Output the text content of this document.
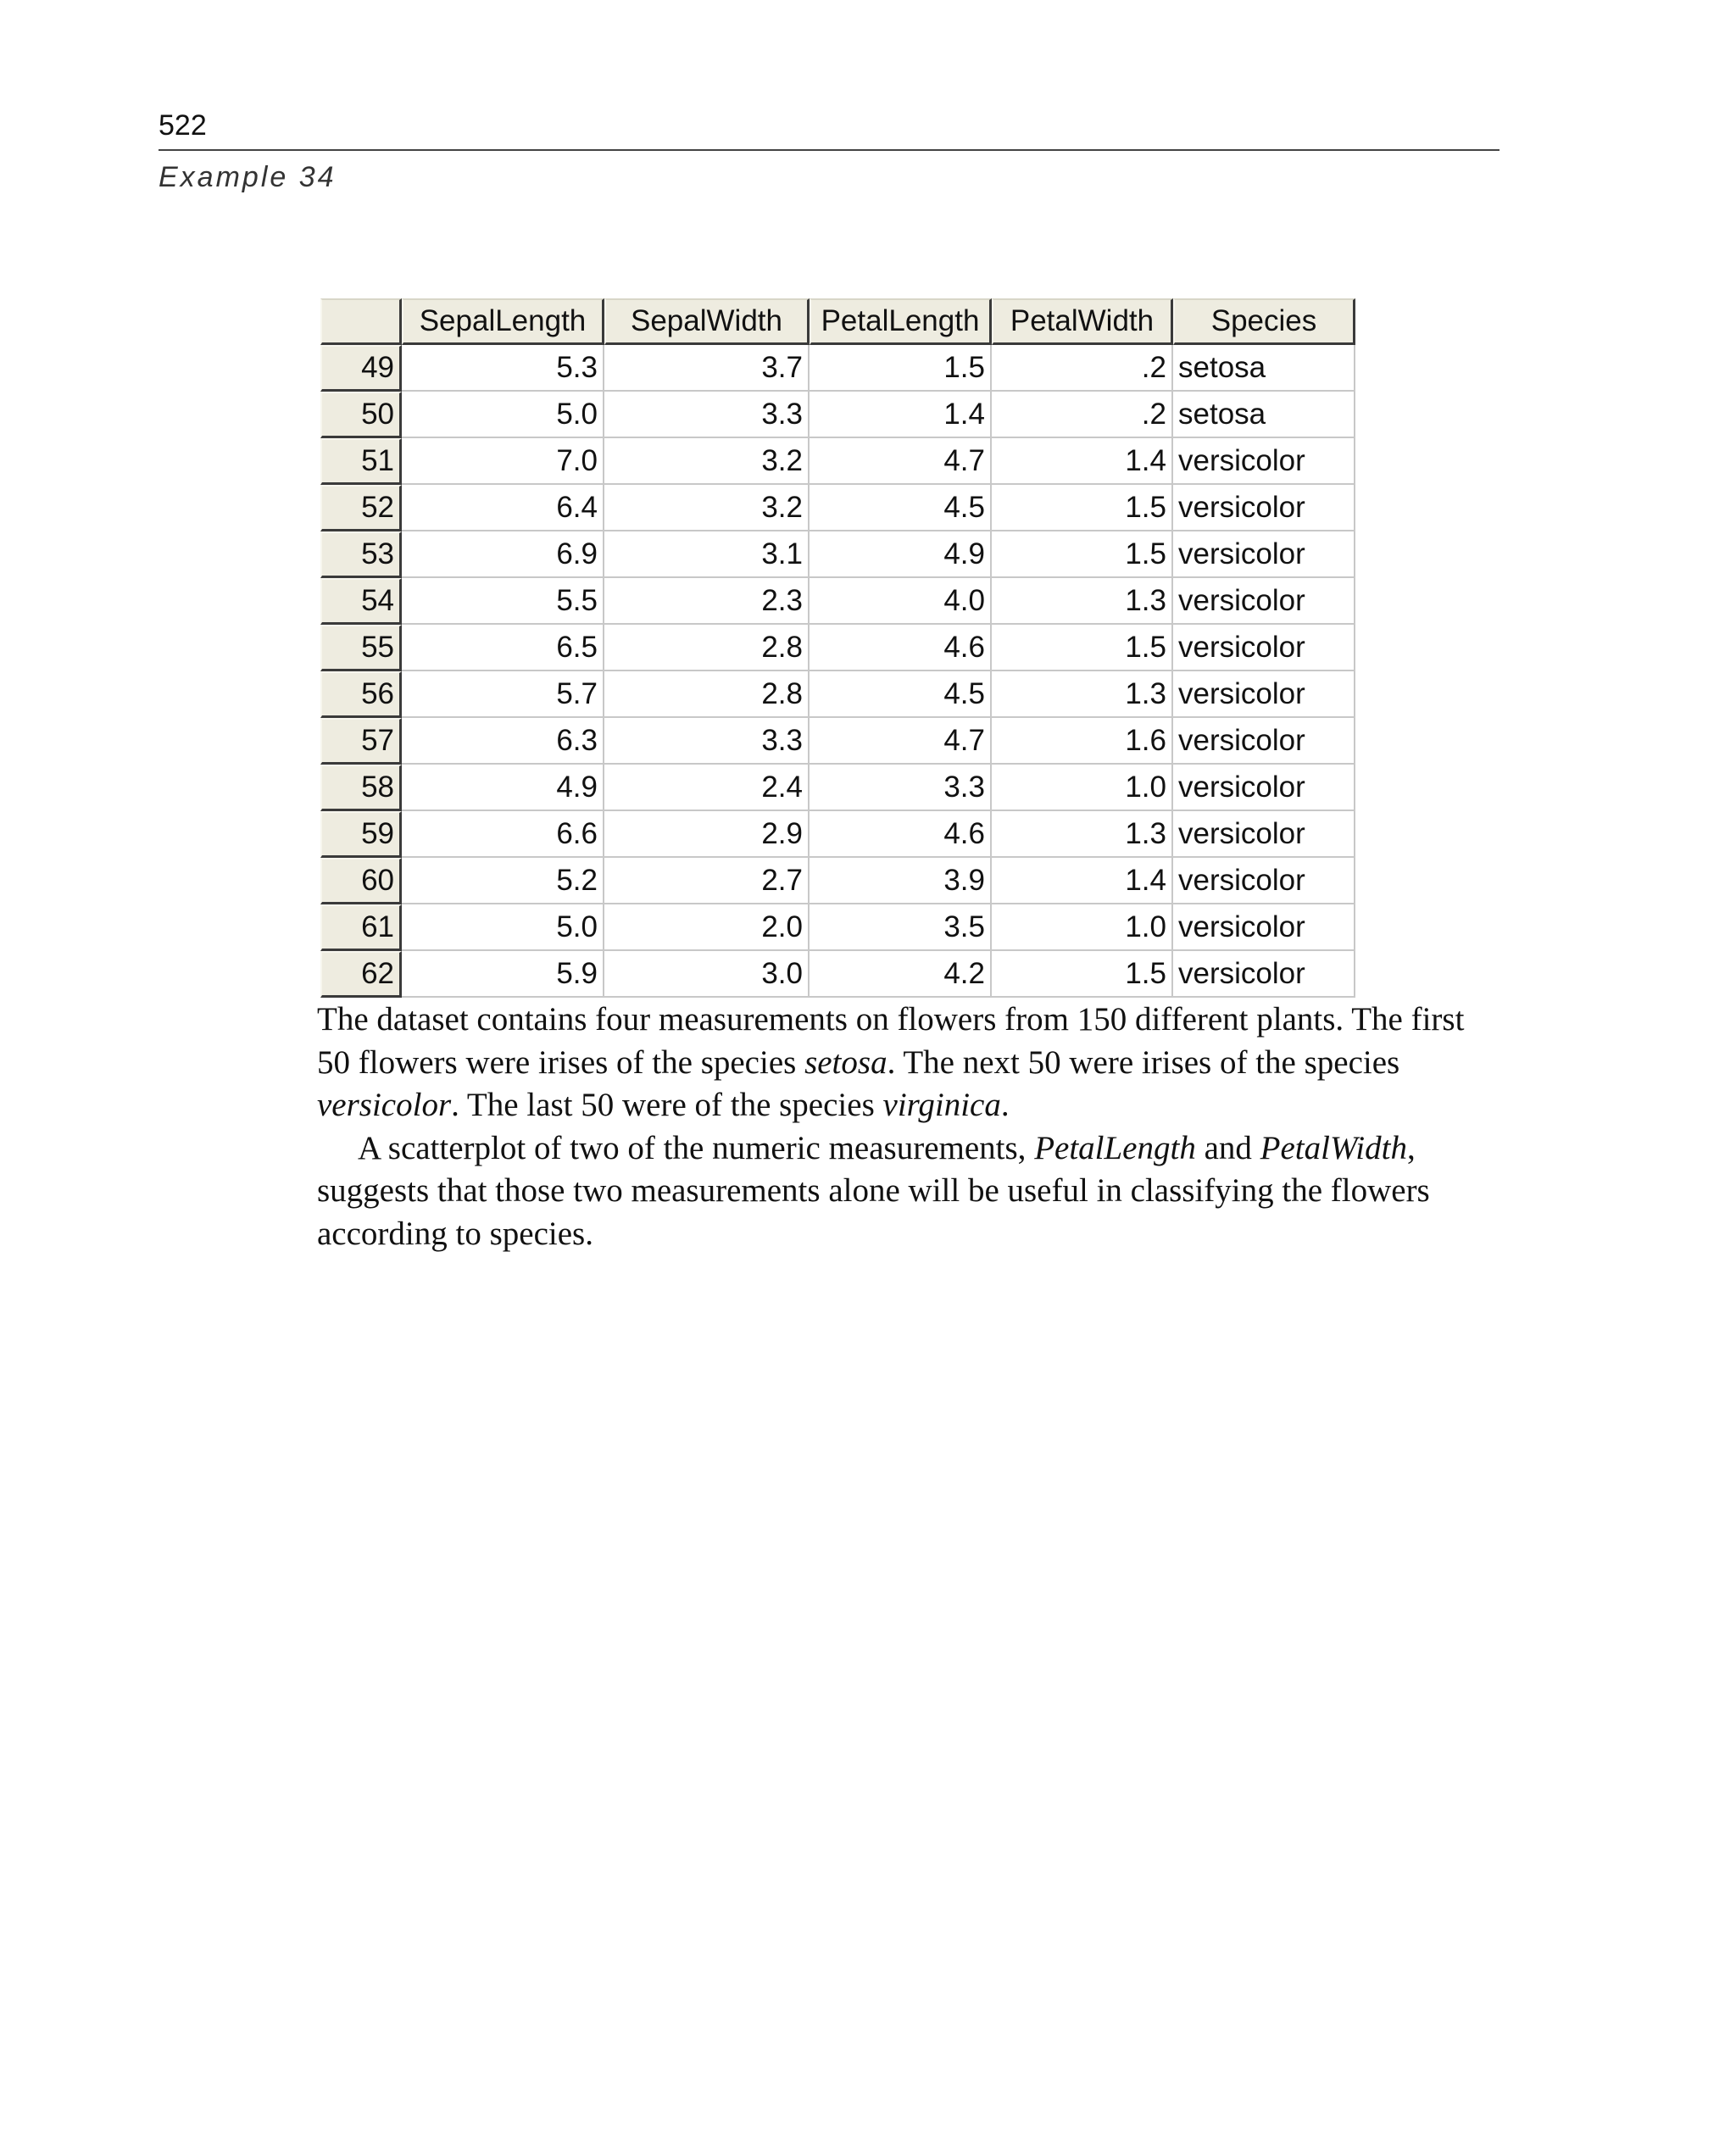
522
Example 34
	SepalLength	SepalWidth	PetalLength	PetalWidth	Species
49	5.3	3.7	1.5	.2	setosa
50	5.0	3.3	1.4	.2	setosa
51	7.0	3.2	4.7	1.4	versicolor
52	6.4	3.2	4.5	1.5	versicolor
53	6.9	3.1	4.9	1.5	versicolor
54	5.5	2.3	4.0	1.3	versicolor
55	6.5	2.8	4.6	1.5	versicolor
56	5.7	2.8	4.5	1.3	versicolor
57	6.3	3.3	4.7	1.6	versicolor
58	4.9	2.4	3.3	1.0	versicolor
59	6.6	2.9	4.6	1.3	versicolor
60	5.2	2.7	3.9	1.4	versicolor
61	5.0	2.0	3.5	1.0	versicolor
62	5.9	3.0	4.2	1.5	versicolor

The dataset contains four measurements on flowers from 150 different plants. The first 50 flowers were irises of the species setosa. The next 50 were irises of the species versicolor. The last 50 were of the species virginica.

A scatterplot of two of the numeric measurements, PetalLength and PetalWidth, suggests that those two measurements alone will be useful in classifying the flowers according to species.
